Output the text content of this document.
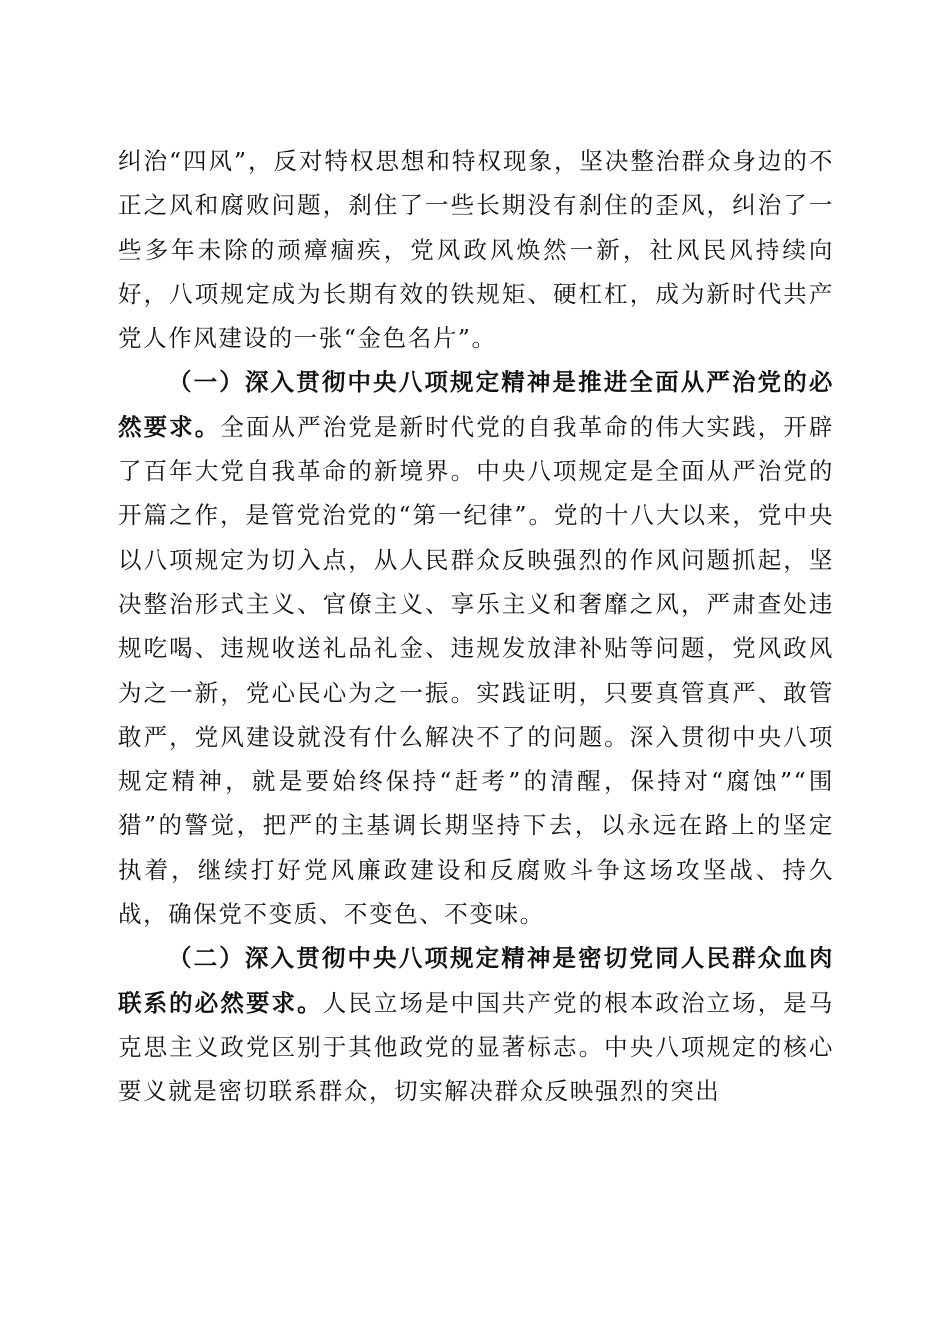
纠治“四风”，反对特权思想和特权现象，坚决整治群众身边的不正之风和腐败问题，刹住了一些长期没有刹住的歪风，纠治了一些多年未除的顽瘴痼疾，党风政风焕然一新，社风民风持续向好，八项规定成为长期有效的铁规矩、硬杠杠，成为新时代共产党人作风建设的一张“金色名片”。

（一）深入贯彻中央八项规定精神是推进全面从严治党的必然要求。全面从严治党是新时代党的自我革命的伟大实践，开辟了百年大党自我革命的新境界。中央八项规定是全面从严治党的开篇之作，是管党治党的“第一纪律”。党的十八大以来，党中央以八项规定为切入点，从人民群众反映强烈的作风问题抓起，坚决整治形式主义、官僚主义、享乐主义和奢靡之风，严肃查处违规吃喝、违规收送礼品礼金、违规发放津补贴等问题，党风政风为之一新，党心民心为之一振。实践证明，只要真管真严、敢管敢严，党风建设就没有什么解决不了的问题。深入贯彻中央八项规定精神，就是要始终保持“赶考”的清醒，保持对“腐蚀”“围猎”的警觉，把严的主基调长期坚持下去，以永远在路上的坚定执着，继续打好党风廉政建设和反腐败斗争这场攻坚战、持久战，确保党不变质、不变色、不变味。

（二）深入贯彻中央八项规定精神是密切党同人民群众血肉联系的必然要求。人民立场是中国共产党的根本政治立场，是马克思主义政党区别于其他政党的显著标志。中央八项规定的核心要义就是密切联系群众，切实解决群众反映强烈的突出
